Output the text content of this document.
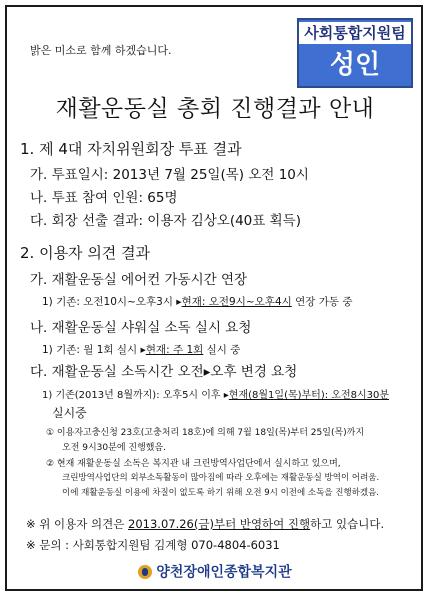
밝은 미소로 함께 하겠습니다.
사회통합지원팀
성인
재활운동실 총회 진행결과 안내
1. 제 4대 자치위원회장 투표 결과
가. 투표일시: 2013년 7월 25일(목) 오전 10시
나. 투표 참여 인원: 65명
다. 회장 선출 결과: 이용자 김상오(40표 획득)
2. 이용자 의견 결과
가. 재활운동실 에어컨 가동시간 연장
1) 기존: 오전10시~오후3시 ▸현재: 오전9시~오후4시 연장 가동 중
나. 재활운동실 샤워실 소독 실시 요청
1) 기존: 월 1회 실시 ▸현재: 주 1회 실시 중
다. 재활운동실 소독시간 오전▸오후 변경 요청
1) 기존(2013년 8월까지): 오후5시 이후 ▸현재(8월1일(목)부터): 오전8시30분
실시중
① 이용자고충신청 23호(고충처리 18호)에 의해 7월 18일(목)부터 25일(목)까지
오전 9시30분에 진행했음.
② 현재 재활운동실 소독은 복지관 내 크린방역사업단에서 실시하고 있으며,
크린방역사업단의 외부소독활동이 많아짐에 따라 오후에는 재활운동실 방역이 어려움.
이에 재활운동실 이용에 차질이 없도록 하기 위해 오전 9시 이전에 소독을 진행하겠음.
※ 위 이용자 의견은 2013.07.26(금)부터 반영하여 진행하고 있습니다.
※ 문의 : 사회통합지원팀 김계형 070-4804-6031
양천장애인종합복지관
